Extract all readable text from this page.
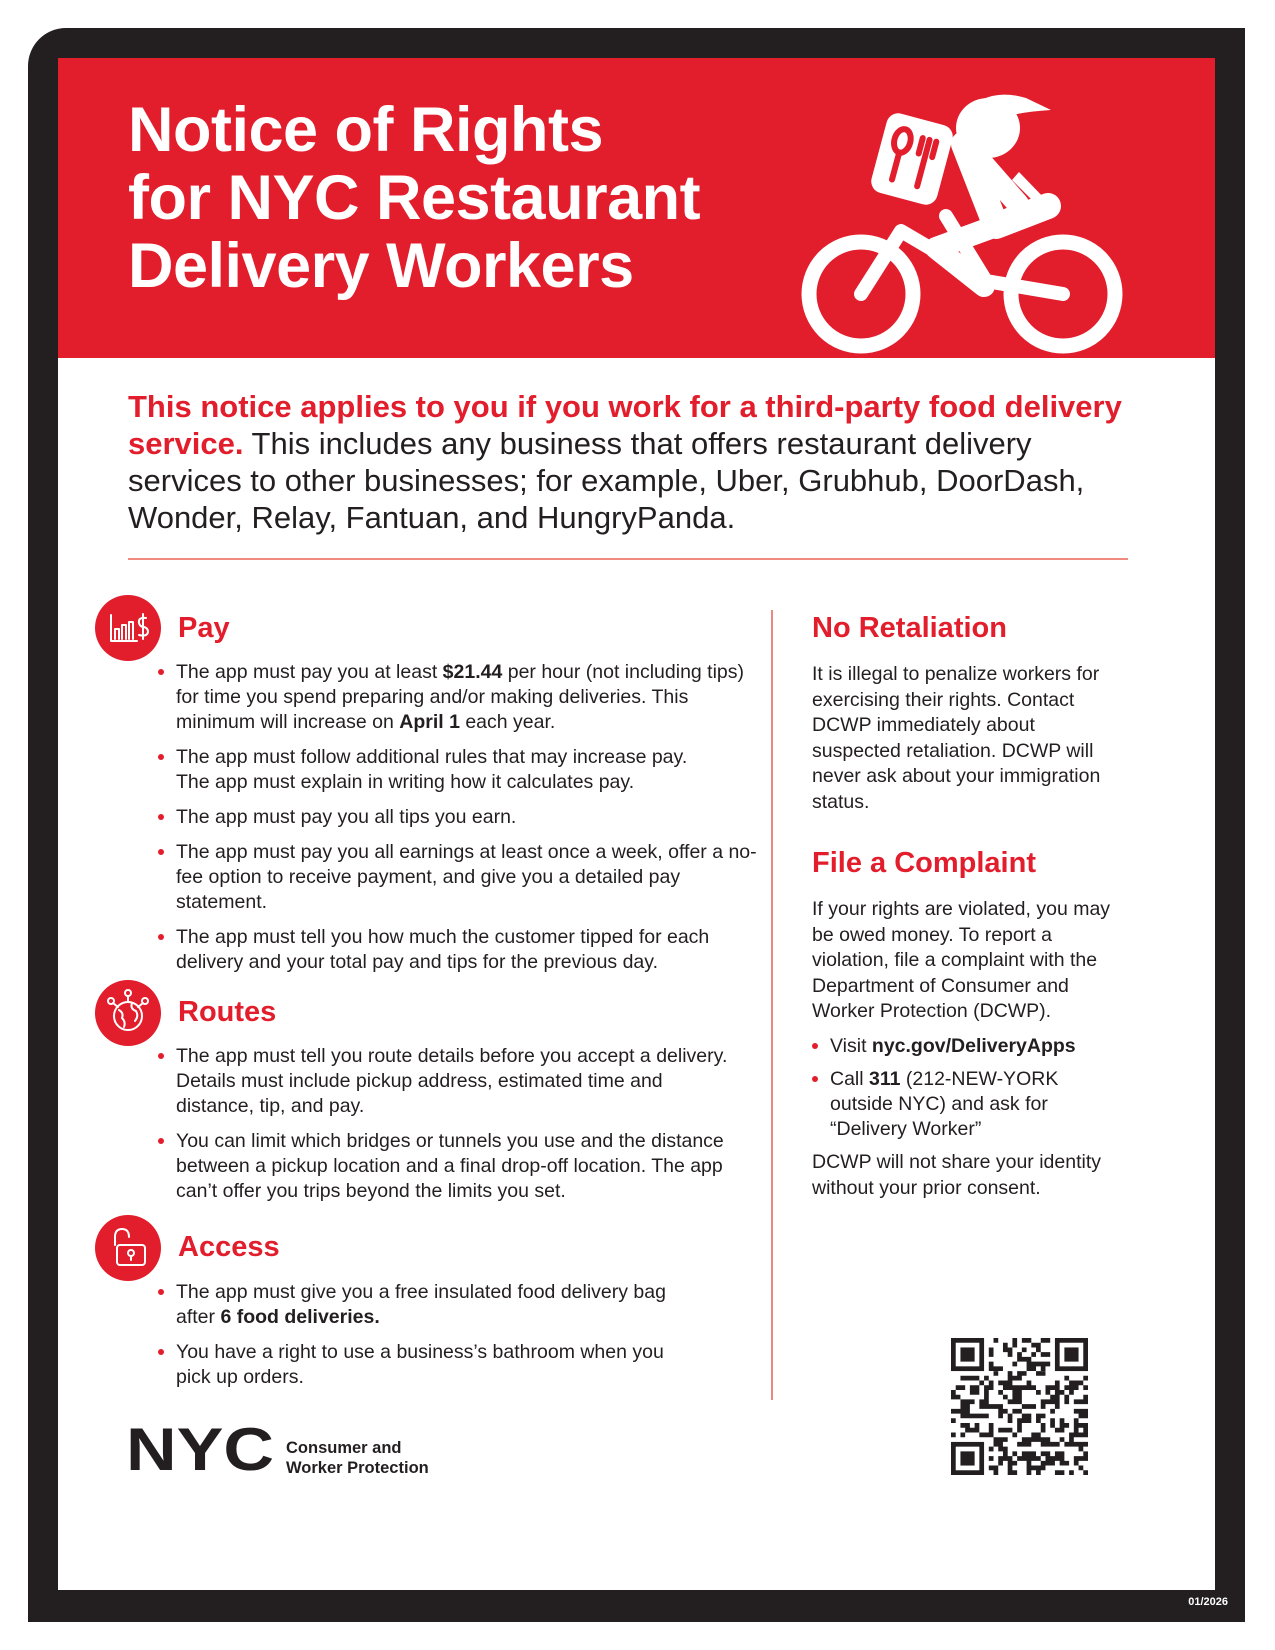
Notice of Rights
for NYC Restaurant
Delivery Workers

This notice applies to you if you work for a third-party food delivery service. This includes any business that offers restaurant delivery services to other businesses; for example, Uber, Grubhub, DoorDash, Wonder, Relay, Fantuan, and HungryPanda.

Pay
The app must pay you at least $21.44 per hour (not including tips) for time you spend preparing and/or making deliveries. This minimum will increase on April 1 each year.
The app must follow additional rules that may increase pay. The app must explain in writing how it calculates pay.
The app must pay you all tips you earn.
The app must pay you all earnings at least once a week, offer a no-fee option to receive payment, and give you a detailed pay statement.
The app must tell you how much the customer tipped for each delivery and your total pay and tips for the previous day.
Routes
The app must tell you route details before you accept a delivery. Details must include pickup address, estimated time and distance, tip, and pay.
You can limit which bridges or tunnels you use and the distance between a pickup location and a final drop-off location. The app can’t offer you trips beyond the limits you set.
Access
The app must give you a free insulated food delivery bag after 6 food deliveries.
You have a right to use a business’s bathroom when you pick up orders.
No Retaliation

It is illegal to penalize workers for exercising their rights. Contact DCWP immediately about suspected retaliation. DCWP will never ask about your immigration status.

File a Complaint

If your rights are violated, you may be owed money. To report a violation, file a complaint with the Department of Consumer and Worker Protection (DCWP).

Visit nyc.gov/DeliveryApps
Call 311 (212-NEW-YORK outside NYC) and ask for “Delivery Worker”

DCWP will not share your identity without your prior consent.

NYC Consumer and
Worker Protection

01/2026
